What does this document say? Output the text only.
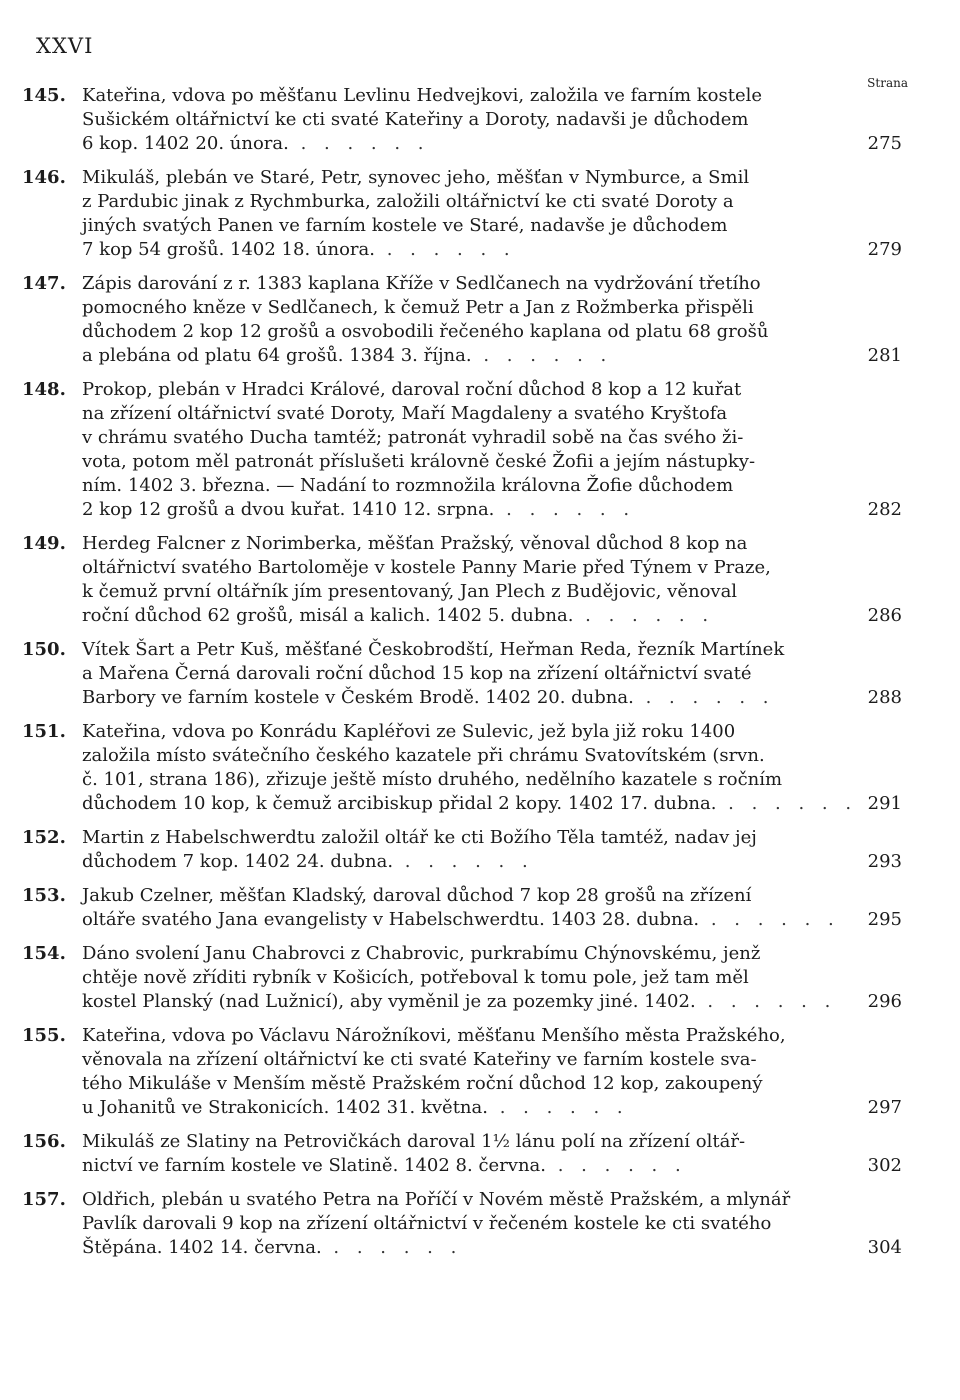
XXVI
Strana
145. Kateřina, vdova po měšťanu Levlinu Hedvejkovi, založila ve farním kostele
Sušickém oltářnictví ke cti svaté Kateřiny a Doroty, nadavši je důchodem
6 kop. 1402 20. února. . . . . . .	275
146. Mikuláš, plebán ve Staré, Petr, synovec jeho, měšťan v Nymburce, a Smil
z Pardubic jinak z Rychmburka, založili oltářnictví ke cti svaté Doroty a
jiných svatých Panen ve farním kostele ve Staré, nadavše je důchodem
7 kop 54 grošů. 1402 18. února. . . . . . .	279
147. Zápis darování z r. 1383 kaplana Kříže v Sedlčanech na vydržování třetího
pomocného kněze v Sedlčanech, k čemuž Petr a Jan z Rožmberka přispěli
důchodem 2 kop 12 grošů a osvobodili řečeného kaplana od platu 68 grošů
a plebána od platu 64 grošů. 1384 3. října. . . . . . .	281
148. Prokop, plebán v Hradci Králové, daroval roční důchod 8 kop a 12 kuřat
na zřízení oltářnictví svaté Doroty, Maří Magdaleny a svatého Kryštofa
v chrámu svatého Ducha tamtéž; patronát vyhradil sobě na čas svého ži-
vota, potom měl patronát příslušeti královně české Žofii a jejím nástupky-
ním. 1402 3. března. — Nadání to rozmnožila královna Žofie důchodem
2 kop 12 grošů a dvou kuřat. 1410 12. srpna. . . . . . .	282
149. Herdeg Falcner z Norimberka, měšťan Pražský, věnoval důchod 8 kop na
oltářnictví svatého Bartoloměje v kostele Panny Marie před Týnem v Praze,
k čemuž první oltářník jím presentovaný, Jan Plech z Budějovic, věnoval
roční důchod 62 grošů, misál a kalich. 1402 5. dubna. . . . . . .	286
150. Vítek Šart a Petr Kuš, měšťané Českobrodští, Heřman Reda, řezník Martínek
a Mařena Černá darovali roční důchod 15 kop na zřízení oltářnictví svaté
Barbory ve farním kostele v Českém Brodě. 1402 20. dubna. . . . . . .	288
151. Kateřina, vdova po Konrádu Kapléřovi ze Sulevic, jež byla již roku 1400
založila místo svátečního českého kazatele při chrámu Svatovítském (srvn.
č. 101, strana 186), zřizuje ještě místo druhého, nedělního kazatele s ročním
důchodem 10 kop, k čemuž arcibiskup přidal 2 kopy. 1402 17. dubna. . . . . . . 291
152. Martin z Habelschwerdtu založil oltář ke cti Božího Těla tamtéž, nadav jej
důchodem 7 kop. 1402 24. dubna. . . . . . .	293
153. Jakub Czelner, měšťan Kladský, daroval důchod 7 kop 28 grošů na zřízení
oltáře svatého Jana evangelisty v Habelschwerdtu. 1403 28. dubna. . . . . . . 295
154. Dáno svolení Janu Chabrovci z Chabrovic, purkrabímu Chýnovskému, jenž
chtěje nově zříditi rybník v Košicích, potřeboval k tomu pole, jež tam měl
kostel Planský (nad Lužnicí), aby vyměnil je za pozemky jiné. 1402. . . . . . . 296
155. Kateřina, vdova po Václavu Nárožníkovi, měšťanu Menšího města Pražského,
věnovala na zřízení oltářnictví ke cti svaté Kateřiny ve farním kostele sva-
tého Mikuláše v Menším městě Pražském roční důchod 12 kop, zakoupený
u Johanitů ve Strakonicích. 1402 31. května. . . . . . .	297
156. Mikuláš ze Slatiny na Petrovičkách daroval 1½ lánu polí na zřízení oltář-
nictví ve farním kostele ve Slatině. 1402 8. června. . . . . . .	302
157. Oldřich, plebán u svatého Petra na Poříčí v Novém městě Pražském, a mlynář
Pavlík darovali 9 kop na zřízení oltářnictví v řečeném kostele ke cti svatého
Štěpána. 1402 14. června. . . . . . .	304
